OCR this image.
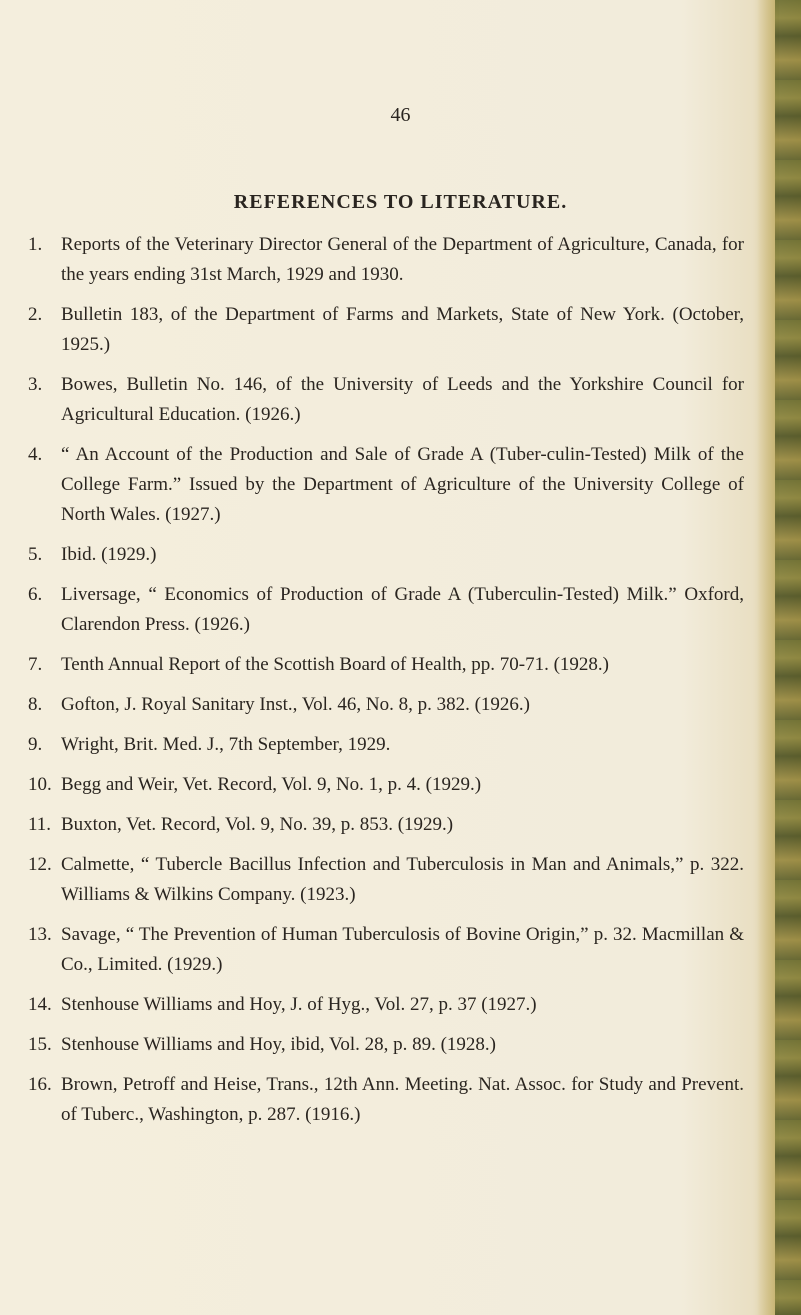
46
REFERENCES TO LITERATURE.
1. Reports of the Veterinary Director General of the Department of Agriculture, Canada, for the years ending 31st March, 1929 and 1930.
2. Bulletin 183, of the Department of Farms and Markets, State of New York. (October, 1925.)
3. Bowes, Bulletin No. 146, of the University of Leeds and the Yorkshire Council for Agricultural Education. (1926.)
4. “ An Account of the Production and Sale of Grade A (Tuber-culin-Tested) Milk of the College Farm.” Issued by the Department of Agriculture of the University College of North Wales. (1927.)
5. Ibid. (1929.)
6. Liversage, “ Economics of Production of Grade A (Tuberculin-Tested) Milk.” Oxford, Clarendon Press. (1926.)
7. Tenth Annual Report of the Scottish Board of Health, pp. 70-71. (1928.)
8. Gofton, J. Royal Sanitary Inst., Vol. 46, No. 8, p. 382. (1926.)
9. Wright, Brit. Med. J., 7th September, 1929.
10. Begg and Weir, Vet. Record, Vol. 9, No. 1, p. 4. (1929.)
11. Buxton, Vet. Record, Vol. 9, No. 39, p. 853. (1929.)
12. Calmette, “ Tubercle Bacillus Infection and Tuberculosis in Man and Animals,” p. 322. Williams & Wilkins Company. (1923.)
13. Savage, “ The Prevention of Human Tuberculosis of Bovine Origin,” p. 32. Macmillan & Co., Limited. (1929.)
14. Stenhouse Williams and Hoy, J. of Hyg., Vol. 27, p. 37 (1927.)
15. Stenhouse Williams and Hoy, ibid, Vol. 28, p. 89. (1928.)
16. Brown, Petroff and Heise, Trans., 12th Ann. Meeting. Nat. Assoc. for Study and Prevent. of Tuberc., Washington, p. 287. (1916.)
